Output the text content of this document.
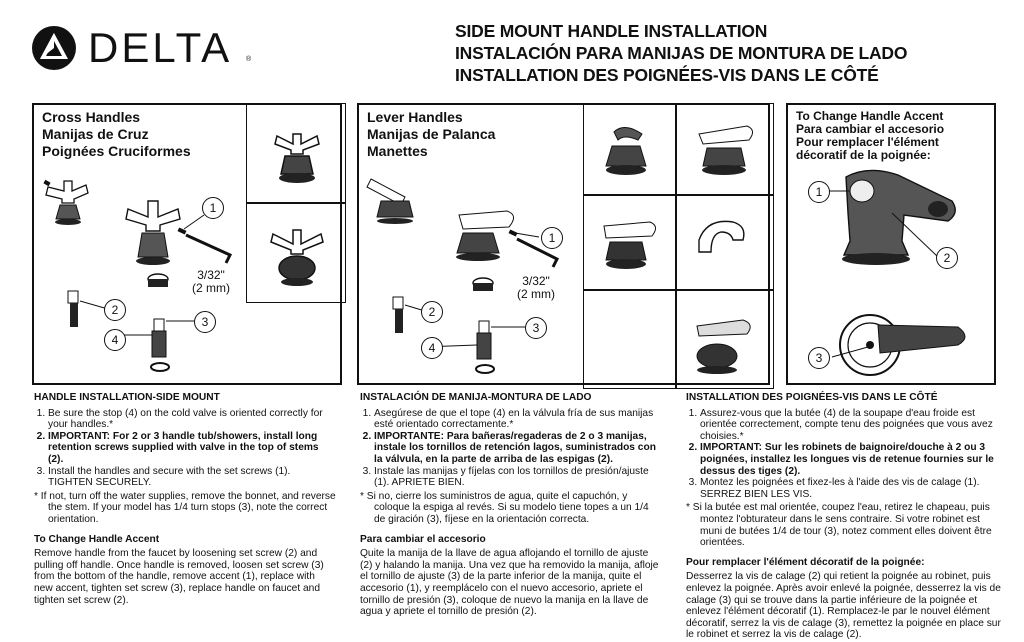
DELTA ®
SIDE MOUNT HANDLE INSTALLATION
INSTALACIÓN PARA MANIJAS DE MONTURA DE LADO
INSTALLATION DES POIGNÉES-VIS DANS LE CÔTÉ
Cross Handles
Manijas de Cruz
Poignées Cruciformes
1
2
3
4
3/32"
(2 mm)
Lever Handles
Manijas de Palanca
Manettes
1
2
3
4
3/32"
(2 mm)
To Change Handle Accent
Para cambiar el accesorio
Pour remplacer l'élément
décoratif de la poignée:
1
2
3
HANDLE INSTALLATION-SIDE MOUNT
1. Be sure the stop (4) on the cold valve is oriented correctly for your handles.*
2. IMPORTANT: For 2 or 3 handle tub/showers, install long retention screws supplied with valve in the top of stems (2).
3. Install the handles and secure with the set screws (1). TIGHTEN SECURELY.

* If not, turn off the water supplies, remove the bonnet, and reverse the stem. If your model has 1/4 turn stops (3), note the correct orientation.

To Change Handle Accent

Remove handle from the faucet by loosening set screw (2) and pulling off handle. Once handle is removed, loosen set screw (3) from the bottom of the handle, remove accent (1), replace with new accent, tighten set screw (3), replace handle on faucet and tighten set screw (2).

INSTALACIÓN DE MANIJA-MONTURA DE LADO
1. Asegúrese de que el tope (4) en la válvula fría de sus manijas esté orientado correctamente.*
2. IMPORTANTE: Para bañeras/regaderas de 2 o 3 manijas, instale los tornillos de retención lagos, suministrados con la válvula, en la parte de arriba de las espigas (2).
3. Instale las manijas y fíjelas con los tornillos de presión/ajuste (1). APRIETE BIEN.

* Si no, cierre los suministros de agua, quite el capuchón, y coloque la espiga al revés. Si su modelo tiene topes a un 1/4 de giración (3), fíjese en la orientación correcta.

Para cambiar el accesorio

Quite la manija de la llave de agua aflojando el tornillo de ajuste (2) y halando la manija. Una vez que ha removido la manija, afloje el tornillo de ajuste (3) de la parte inferior de la manija, quite el accesorio (1), y reemplácelo con el nuevo accesorio, apriete el tornillo de presión (3), coloque de nuevo la manija en la llave de agua y apriete el tornillo de presión (2).

INSTALLATION DES POIGNÉES-VIS DANS LE CÔTÉ
1. Assurez-vous que la butée (4) de la soupape d'eau froide est orientée correctement, compte tenu des poignées que vous avez choisies.*
2. IMPORTANT: Sur les robinets de baignoire/douche à 2 ou 3 poignées, installez les longues vis de retenue fournies sur le dessus des tiges (2).
3. Montez les poignées et fixez-les à l'aide des vis de calage (1). SERREZ BIEN LES VIS.

* Si la butée est mal orientée, coupez l'eau, retirez le chapeau, puis montez l'obturateur dans le sens contraire. Si votre robinet est muni de butées 1/4 de tour (3), notez comment elles doivent être orientées.

Pour remplacer l'élément décoratif de la poignée:

Desserrez la vis de calage (2) qui retient la poignée au robinet, puis enlevez la poignée. Après avoir enlevé la poignée, desserrez la vis de calage (3) qui se trouve dans la partie inférieure de la poignée et enlevez l'élément décoratif (1). Remplacez-le par le nouvel élément décoratif, serrez la vis de calage (3), remettez la poignée en place sur le robinet et serrez la vis de calage (2).
